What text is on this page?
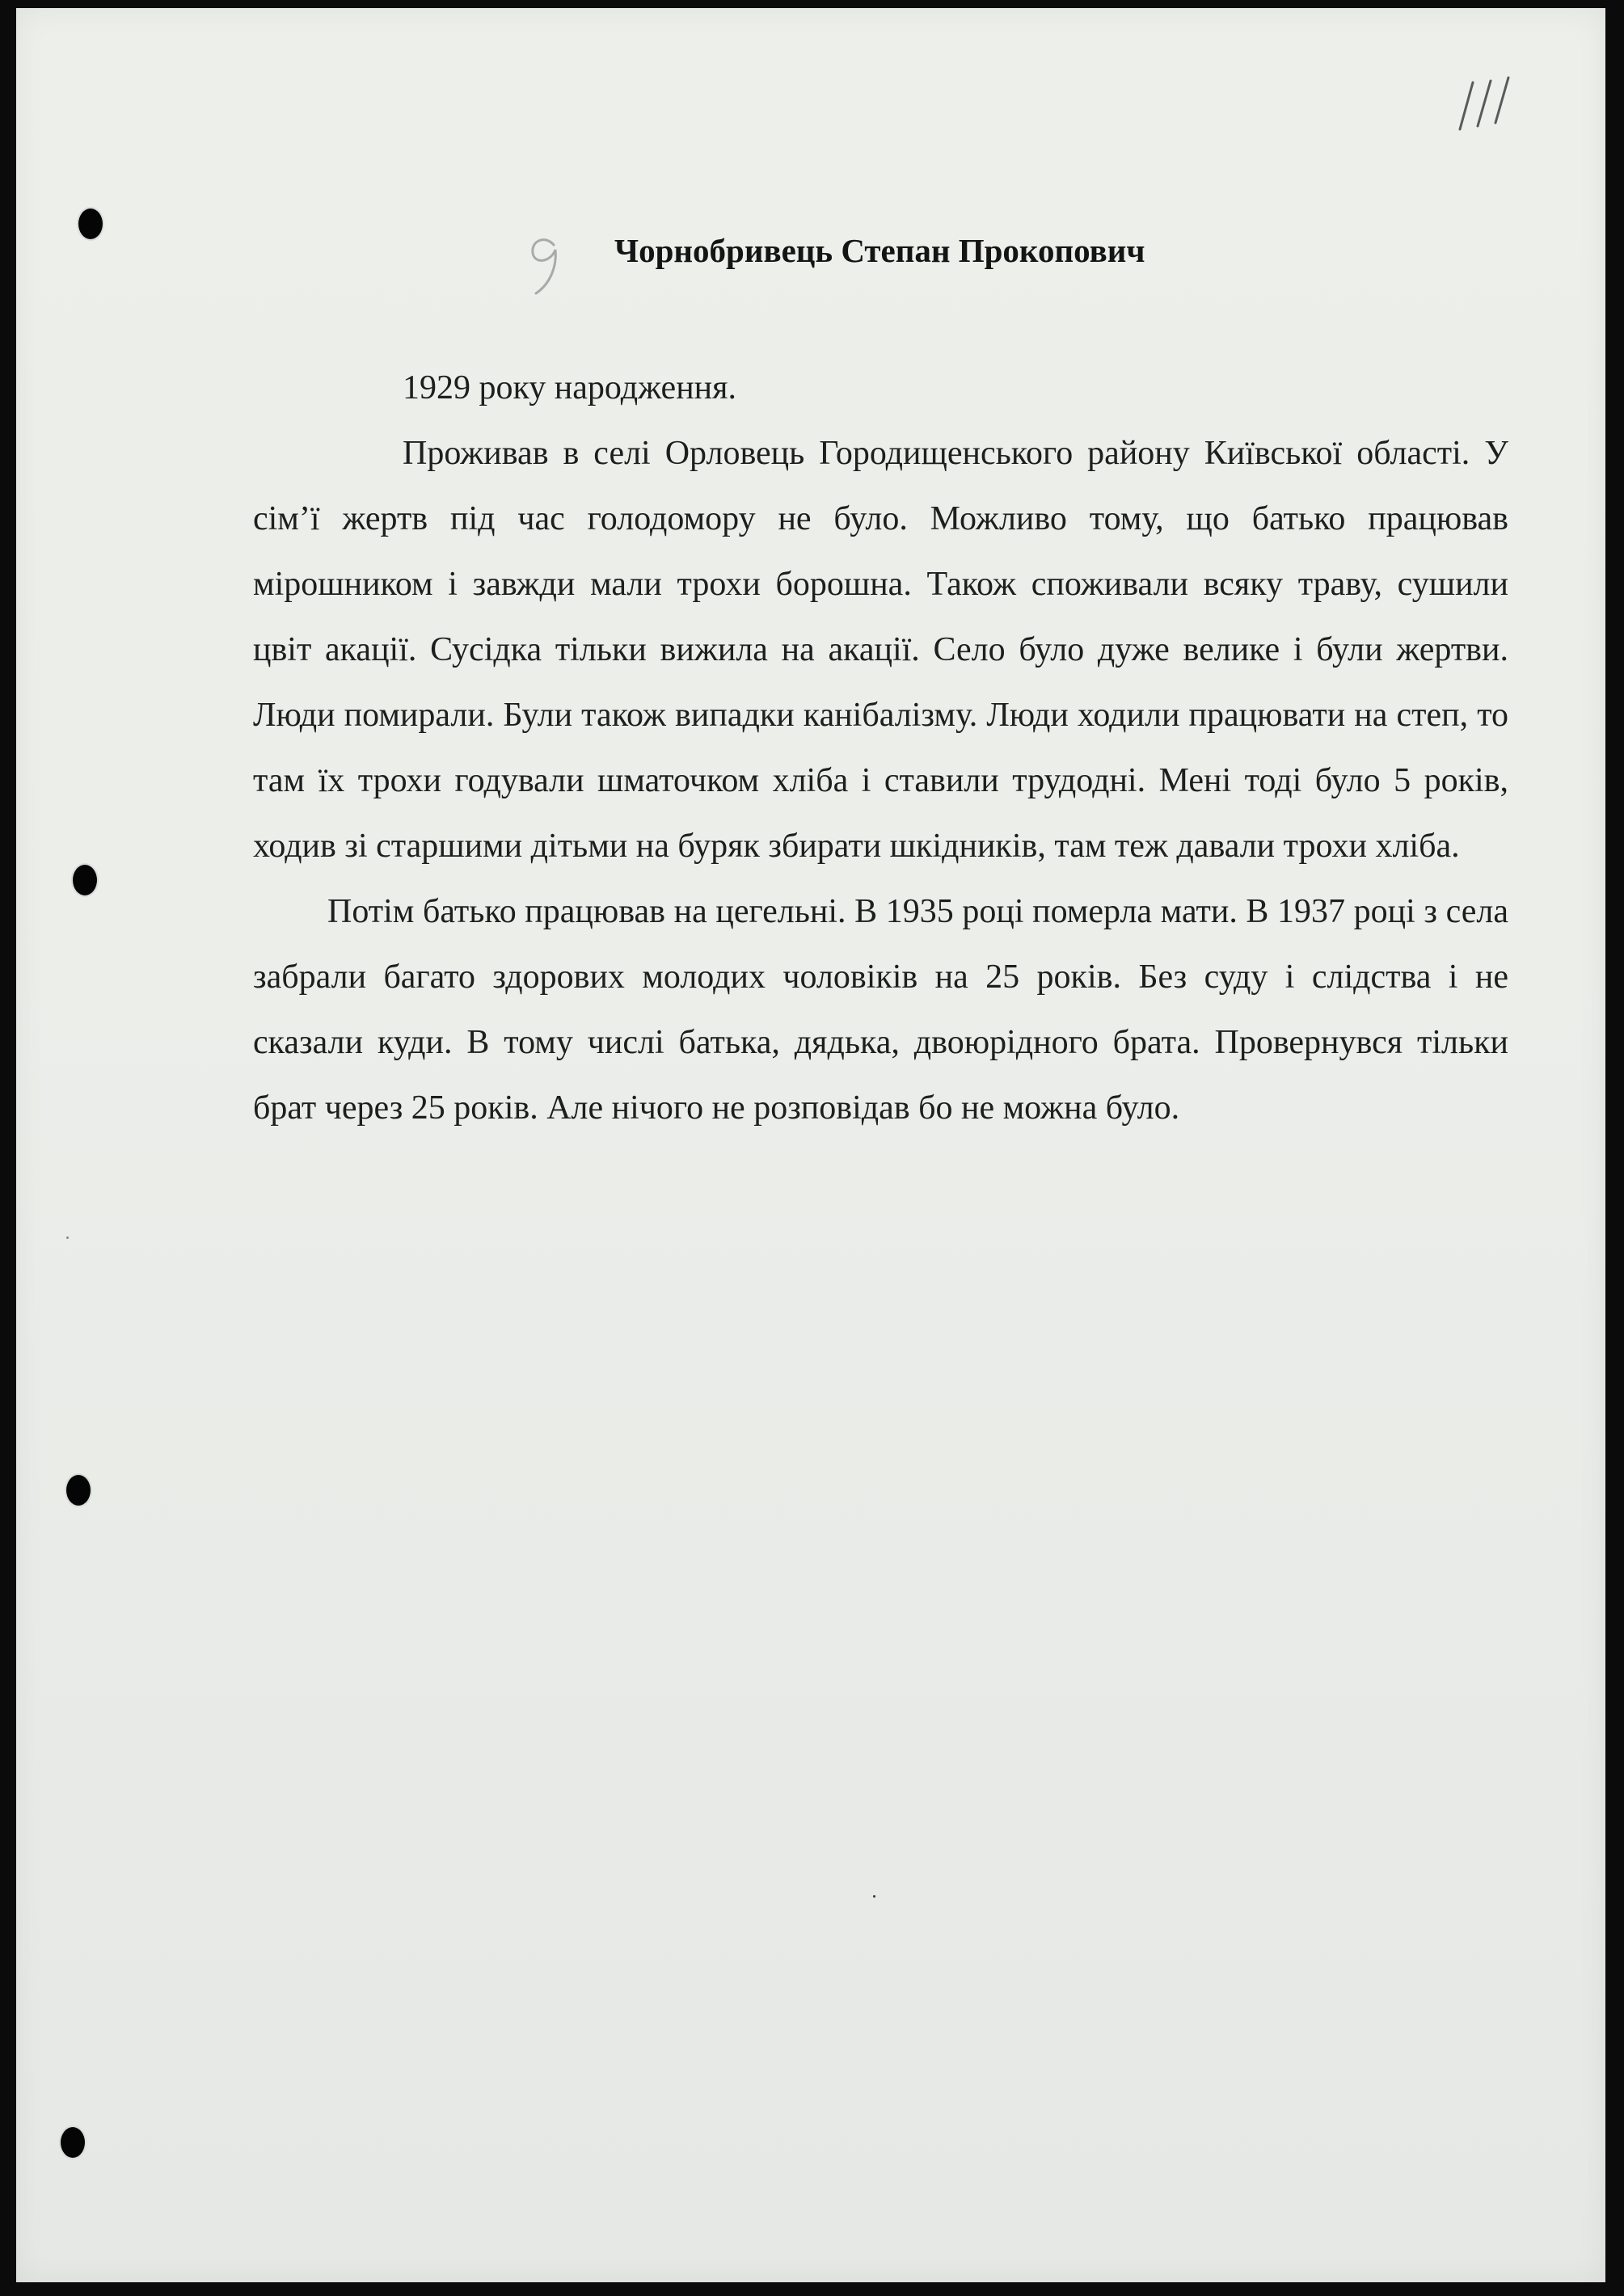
Чорнобривець Степан Прокопович

1929 року народження.

Проживав в селі Орловець Городищенського району Київської області. У сім’ї жертв під час голодомору не було. Можливо тому, що батько працював мірошником і завжди мали трохи борошна. Також споживали всяку траву, сушили цвіт акації. Сусідка тільки вижила на акації. Село було дуже велике і були жертви. Люди помирали. Були також випадки канібалізму. Люди ходили працювати на степ, то там їх трохи годували шматочком хліба і ставили трудодні. Мені тоді було 5 років, ходив зі старшими дітьми на буряк збирати шкідників, там теж давали трохи хліба.

Потім батько працював на цегельні. В 1935 році померла мати. В 1937 році з села забрали багато здорових молодих чоловіків на 25 років. Без суду і слідства і не сказали куди. В тому числі батька, дядька, двоюрідного брата. Провернувся тільки брат через 25 років. Але нічого не розповідав бо не можна було.
